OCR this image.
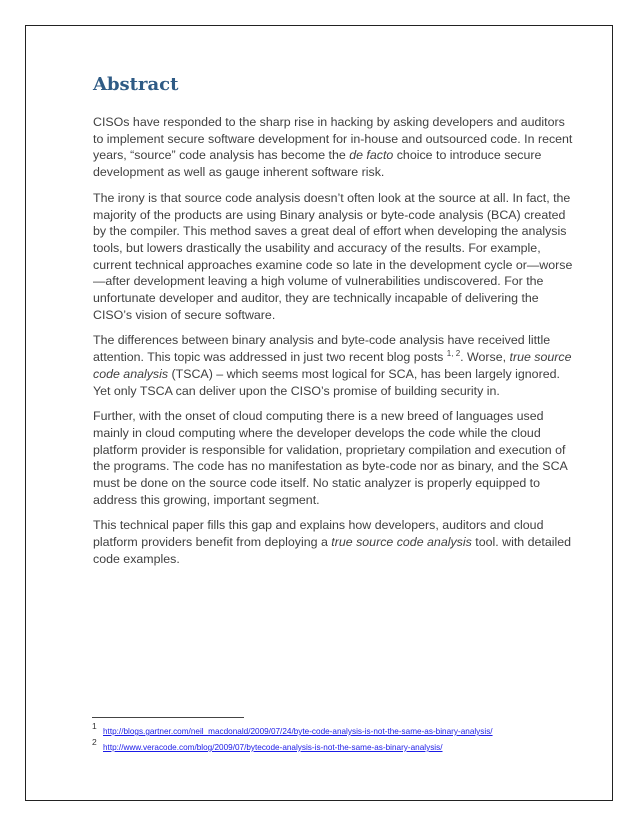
Abstract

CISOs have responded to the sharp rise in hacking by asking developers and auditors to implement secure software development for in-house and outsourced code. In recent years, “source” code analysis has become the de facto choice to introduce secure development as well as gauge inherent software risk.

The irony is that source code analysis doesn’t often look at the source at all. In fact, the majority of the products are using Binary analysis or byte-code analysis (BCA) created by the compiler. This method saves a great deal of effort when developing the analysis tools, but lowers drastically the usability and accuracy of the results. For example, current technical approaches examine code so late in the development cycle or—worse—after development leaving a high volume of vulnerabilities undiscovered. For the unfortunate developer and auditor, they are technically incapable of delivering the CISO’s vision of secure software.

The differences between binary analysis and byte-code analysis have received little attention. This topic was addressed in just two recent blog posts $^{1, 2}$. Worse, true source code analysis (TSCA) – which seems most logical for SCA, has been largely ignored. Yet only TSCA can deliver upon the CISO’s promise of building security in.

Further, with the onset of cloud computing there is a new breed of languages used mainly in cloud computing where the developer develops the code while the cloud platform provider is responsible for validation, proprietary compilation and execution of the programs. The code has no manifestation as byte-code nor as binary, and the SCA must be done on the source code itself. No static analyzer is properly equipped to address this growing, important segment.

This technical paper fills this gap and explains how developers, auditors and cloud platform providers benefit from deploying a true source code analysis tool. with detailed code examples.

1
http://blogs.gartner.com/neil_macdonald/2009/07/24/byte-code-analysis-is-not-the-same-as-binary-analysis/
2
http://www.veracode.com/blog/2009/07/bytecode-analysis-is-not-the-same-as-binary-analysis/
